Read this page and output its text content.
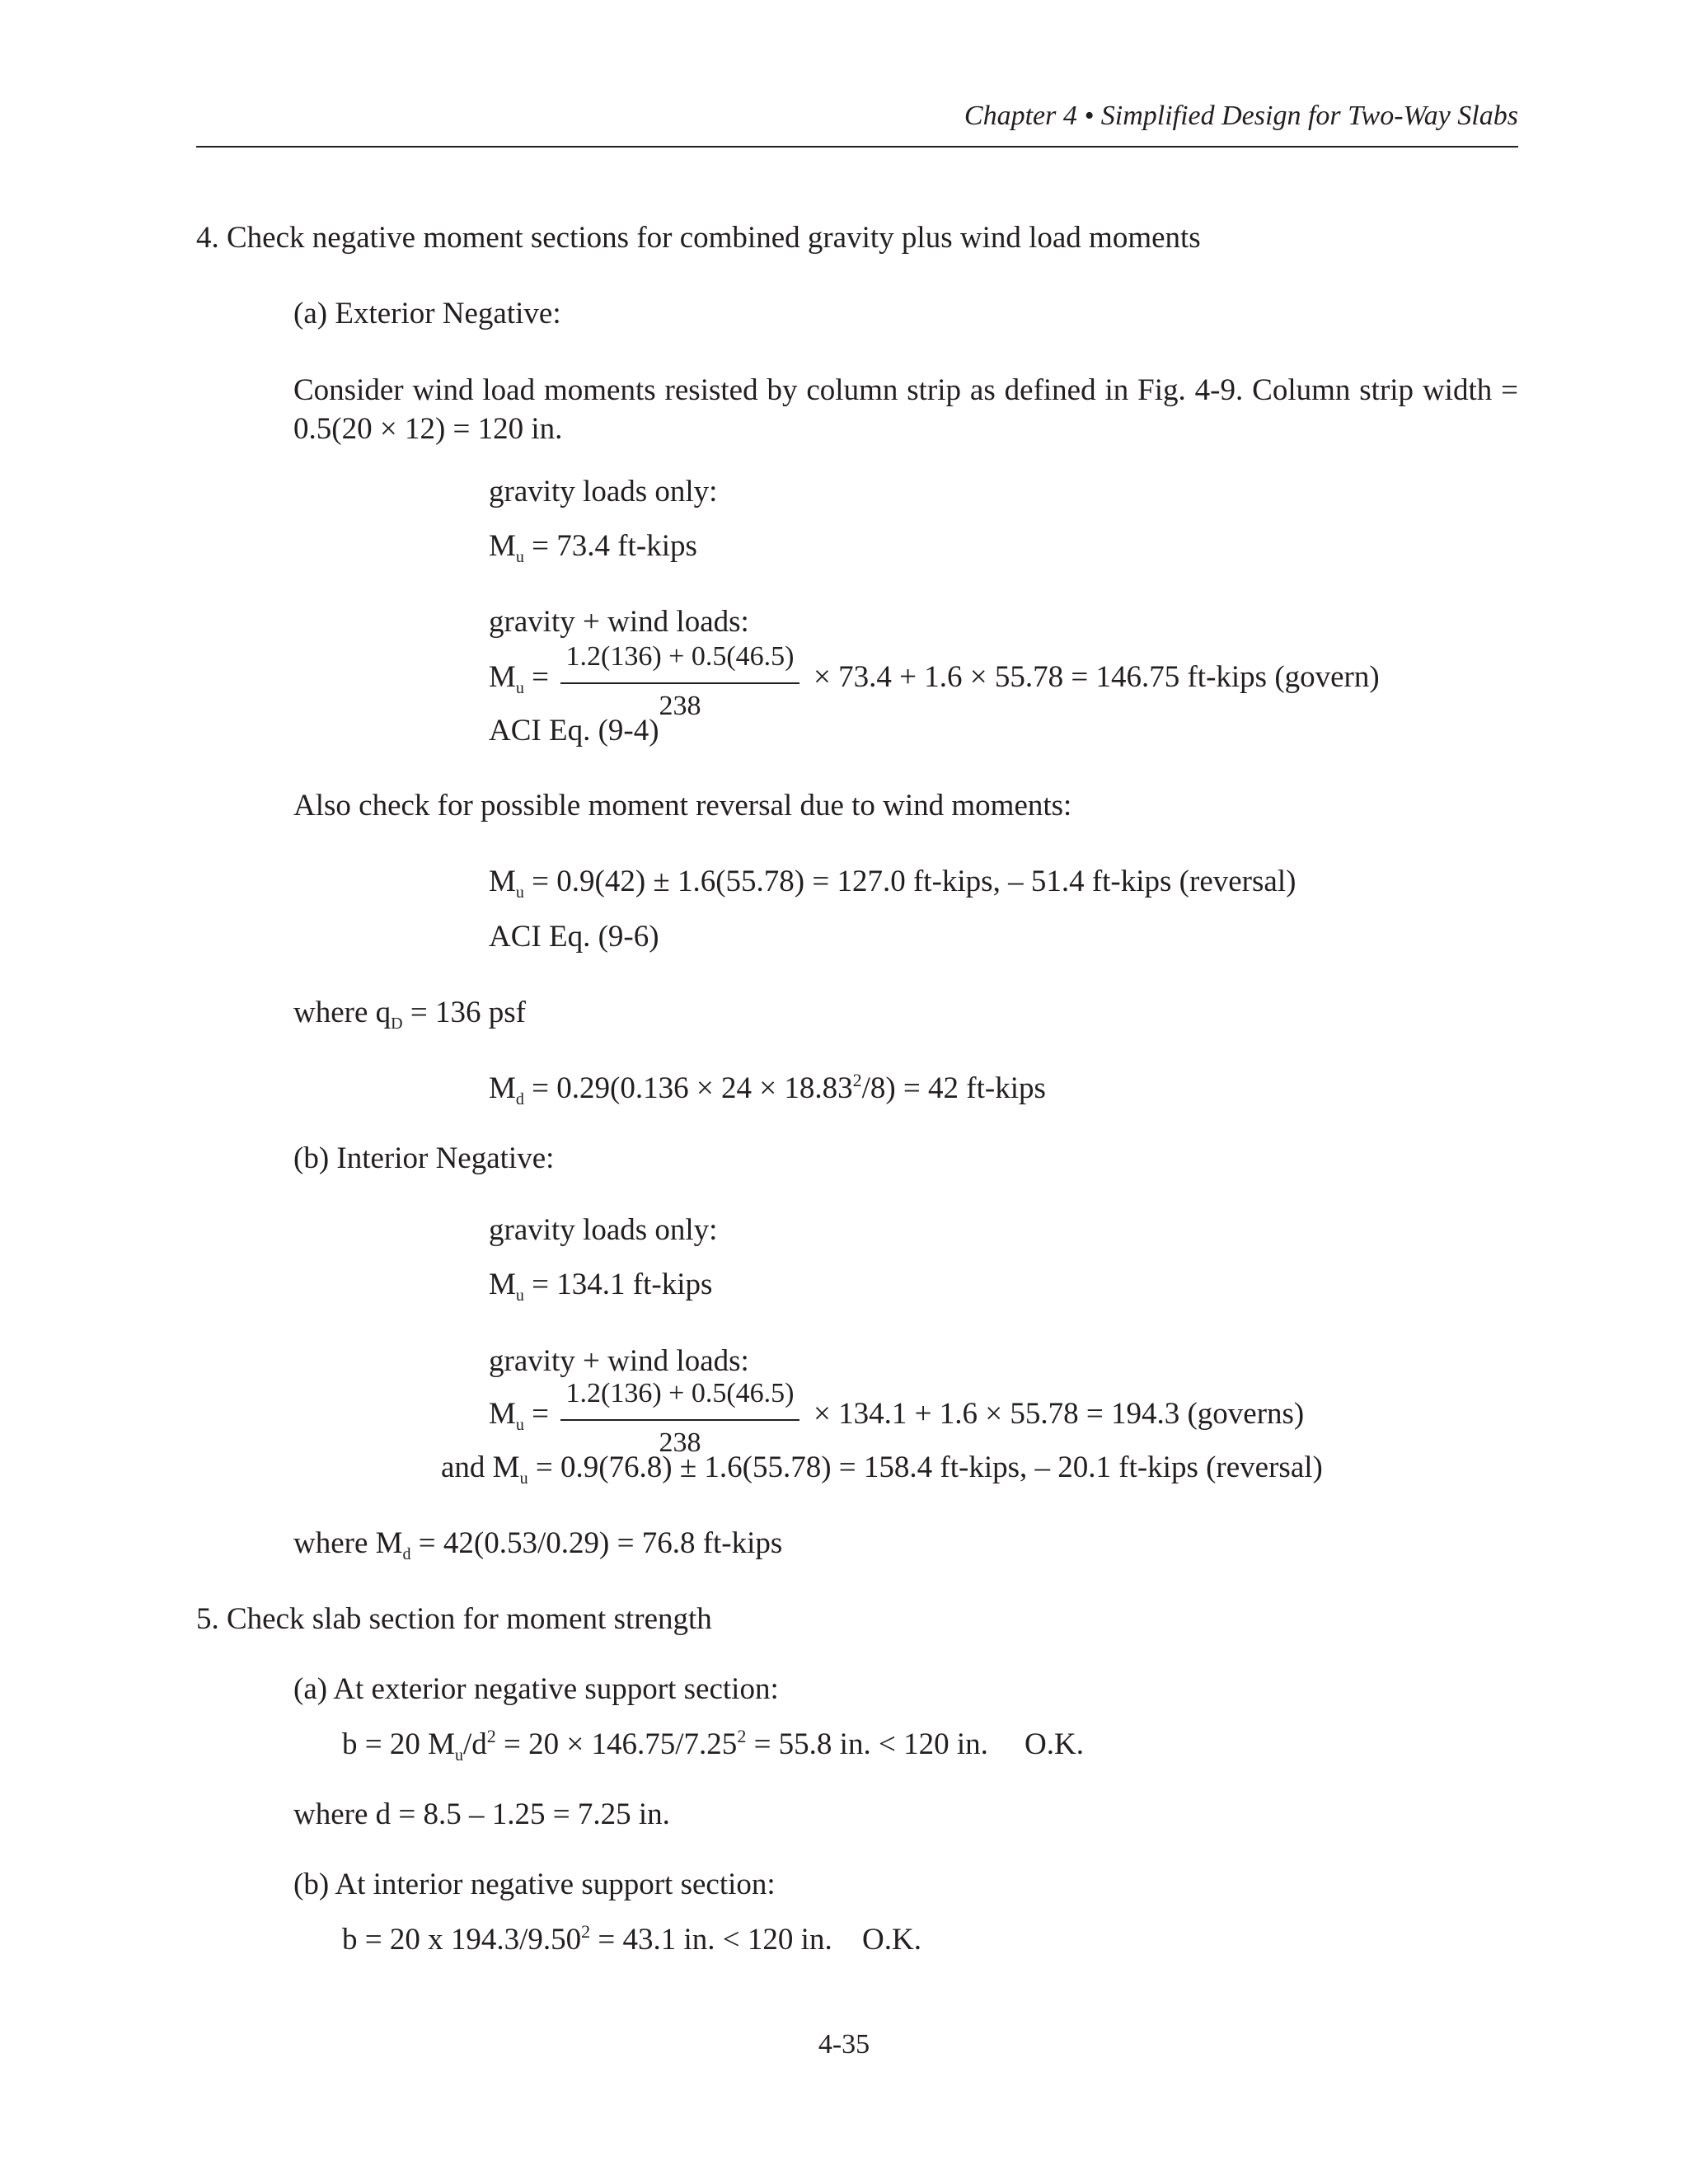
Chapter 4 • Simplified Design for Two-Way Slabs
4. Check negative moment sections for combined gravity plus wind load moments
(a) Exterior Negative:
Consider wind load moments resisted by column strip as defined in Fig. 4-9. Column strip width = 0.5(20 × 12) = 120 in.
gravity loads only:
$M_u = 73.4$ ft-kips
gravity + wind loads:
$M_u$ =
1.2(136) + 0.5(46.5)
238
× 73.4 + 1.6 × 55.78 = 146.75 ft-kips (govern)
ACI Eq. (9-4)
Also check for possible moment reversal due to wind moments:
$M_u = 0.9(42) \pm 1.6(55.78) = 127.0$ ft-kips, – 51.4 ft-kips (reversal)
ACI Eq. (9-6)
where $q_D = 136$ psf
$M_d = 0.29(0.136 \times 24 \times 18.83^2/8) = 42$ ft-kips
(b) Interior Negative:
gravity loads only:
$M_u = 134.1$ ft-kips
gravity + wind loads:
$M_u$ =
1.2(136) + 0.5(46.5)
238
× 134.1 + 1.6 × 55.78 = 194.3 (governs)
and $M_u = 0.9(76.8) \pm 1.6(55.78) = 158.4$ ft-kips, – 20.1 ft-kips (reversal)
where $M_d = 42(0.53/0.29) = 76.8$ ft-kips
5. Check slab section for moment strength
(a) At exterior negative support section:
b = 20 $M_u/d^2 = 20 \times 146.75/7.25^2 = 55.8$ in. < 120 in. O.K.
where d = 8.5 – 1.25 = 7.25 in.
(b) At interior negative support section:
b = 20 x $194.3/9.50^2 = 43.1$ in. < 120 in. O.K.
4-35
